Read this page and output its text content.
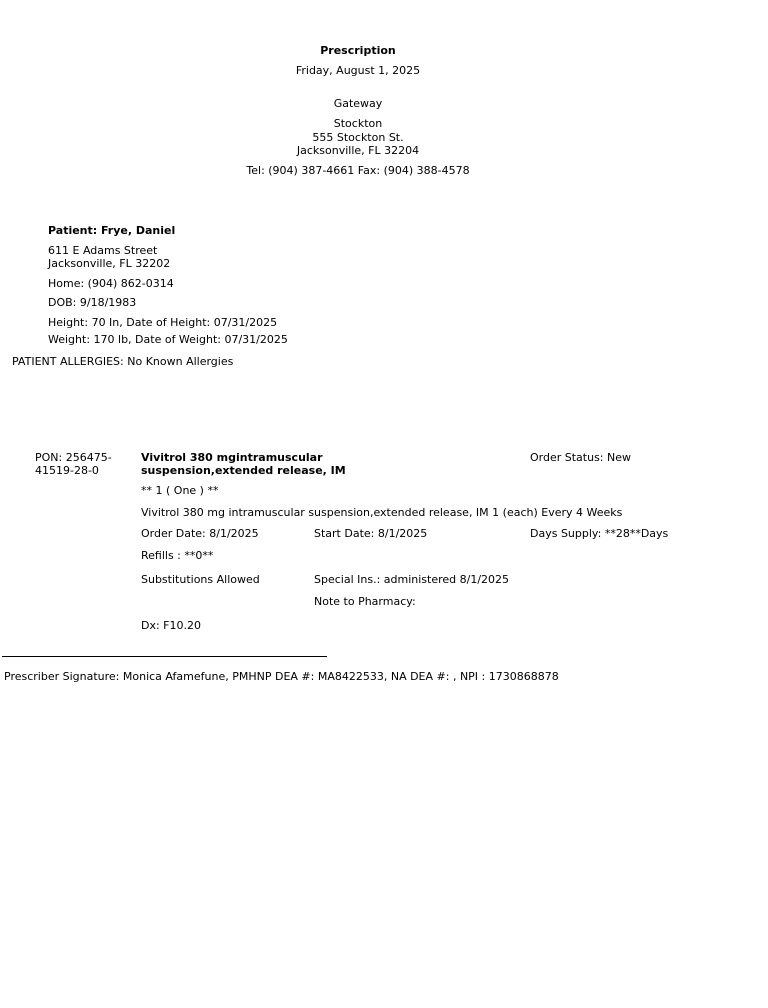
Prescription
Friday, August 1, 2025
Gateway
Stockton
555 Stockton St.
Jacksonville, FL 32204
Tel: (904) 387-4661 Fax: (904) 388-4578
Patient: Frye, Daniel
611 E Adams Street
Jacksonville, FL 32202
Home: (904) 862-0314
DOB: 9/18/1983
Height: 70 In, Date of Height: 07/31/2025
Weight: 170 lb, Date of Weight: 07/31/2025
PATIENT ALLERGIES: No Known Allergies
PON: 256475-
41519-28-0
Vivitrol 380 mgintramuscular
suspension,extended release, IM
Order Status: New
** 1 ( One ) **
Vivitrol 380 mg intramuscular suspension,extended release, IM 1 (each) Every 4 Weeks
Order Date: 8/1/2025	Start Date: 8/1/2025	Days Supply: **28**Days
Refills : **0**
Substitutions Allowed	Special Ins.: administered 8/1/2025
Note to Pharmacy:
Dx: F10.20
Prescriber Signature: Monica Afamefune, PMHNP DEA #: MA8422533, NA DEA #: , NPI : 1730868878
